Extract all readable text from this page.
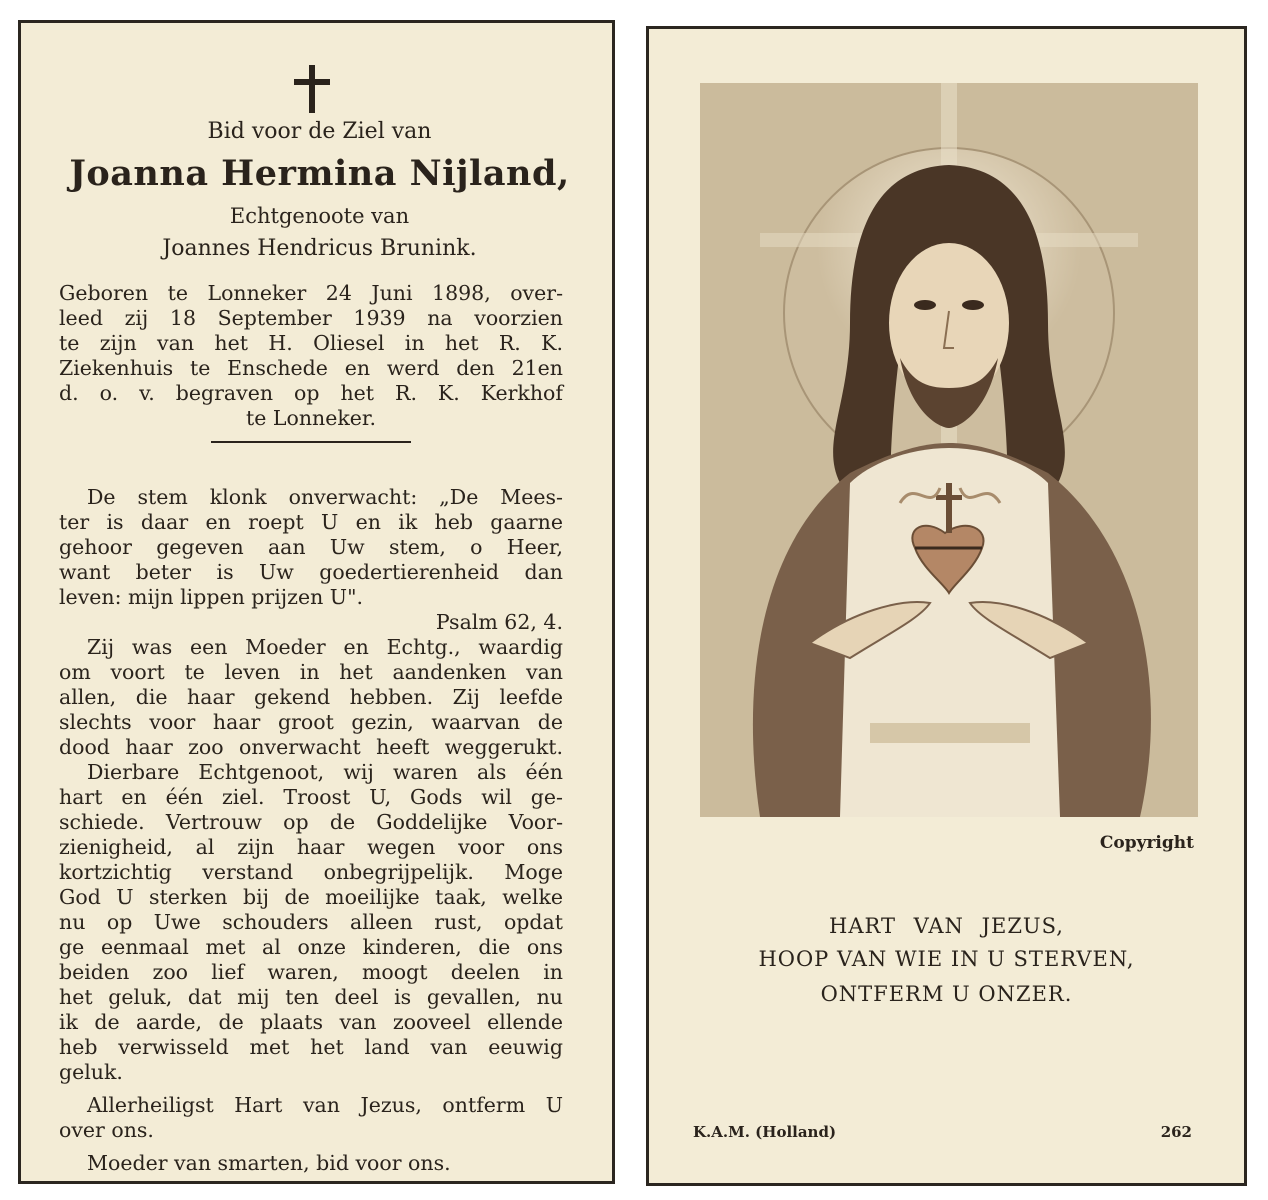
Bid voor de Ziel van
Joanna Hermina Nijland,
Echtgenoote van
Joannes Hendricus Brunink.
Geboren te Lonneker 24 Juni 1898, over-
leed zij 18 September 1939 na voorzien
te zijn van het H. Oliesel in het R. K.
Ziekenhuis te Enschede en werd den 21en
d. o. v. begraven op het R. K. Kerkhof
te Lonneker.
De stem klonk onverwacht: „De Mees-
ter is daar en roept U en ik heb gaarne
gehoor gegeven aan Uw stem, o Heer,
want beter is Uw goedertierenheid dan
leven: mijn lippen prijzen U".
Psalm 62, 4.
Zij was een Moeder en Echtg., waardig
om voort te leven in het aandenken van
allen, die haar gekend hebben. Zij leefde
slechts voor haar groot gezin, waarvan de
dood haar zoo onverwacht heeft weggerukt.
Dierbare Echtgenoot, wij waren als één
hart en één ziel. Troost U, Gods wil ge-
schiede. Vertrouw op de Goddelijke Voor-
zienigheid, al zijn haar wegen voor ons
kortzichtig verstand onbegrijpelijk. Moge
God U sterken bij de moeilijke taak, welke
nu op Uwe schouders alleen rust, opdat
ge eenmaal met al onze kinderen, die ons
beiden zoo lief waren, moogt deelen in
het geluk, dat mij ten deel is gevallen, nu
ik de aarde, de plaats van zooveel ellende
heb verwisseld met het land van eeuwig
geluk.
Allerheiligst Hart van Jezus, ontferm U
over ons.
Moeder van smarten, bid voor ons.
Copyright
HART VAN JEZUS,
HOOP VAN WIE IN U STERVEN,
ONTFERM U ONZER.
K.A.M. (Holland)	262
